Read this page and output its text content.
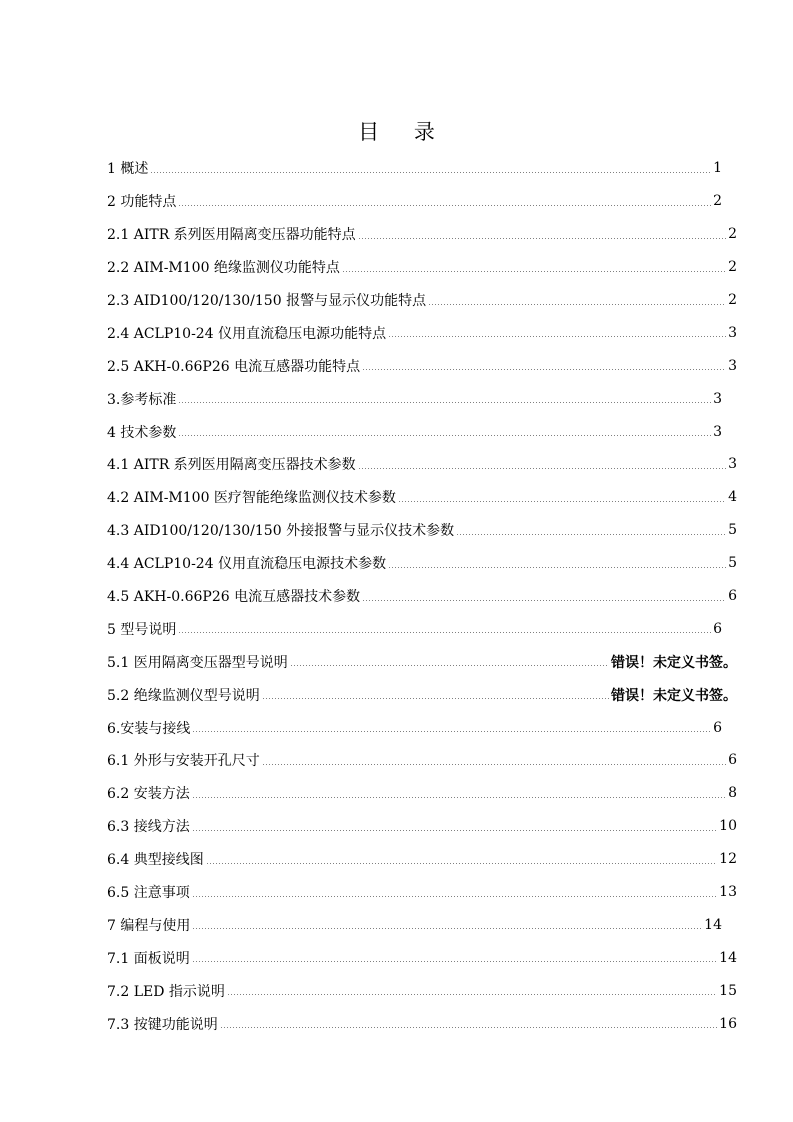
目 录
1 概述	1
2 功能特点	2
2.1 AITR 系列医用隔离变压器功能特点	2
2.2 AIM-M100 绝缘监测仪功能特点	2
2.3 AID100/120/130/150 报警与显示仪功能特点	2
2.4 ACLP10-24 仪用直流稳压电源功能特点	3
2.5 AKH-0.66P26 电流互感器功能特点	3
3.参考标准	3
4 技术参数	3
4.1 AITR 系列医用隔离变压器技术参数	3
4.2 AIM-M100 医疗智能绝缘监测仪技术参数	4
4.3 AID100/120/130/150 外接报警与显示仪技术参数	5
4.4 ACLP10-24 仪用直流稳压电源技术参数	5
4.5 AKH-0.66P26 电流互感器技术参数	6
5 型号说明	6
5.1 医用隔离变压器型号说明	错误！未定义书签。
5.2 绝缘监测仪型号说明	错误！未定义书签。
6.安装与接线	6
6.1 外形与安装开孔尺寸	6
6.2 安装方法	8
6.3 接线方法	10
6.4 典型接线图	12
6.5 注意事项	13
7 编程与使用	14
7.1 面板说明	14
7.2 LED 指示说明	15
7.3 按键功能说明	16
